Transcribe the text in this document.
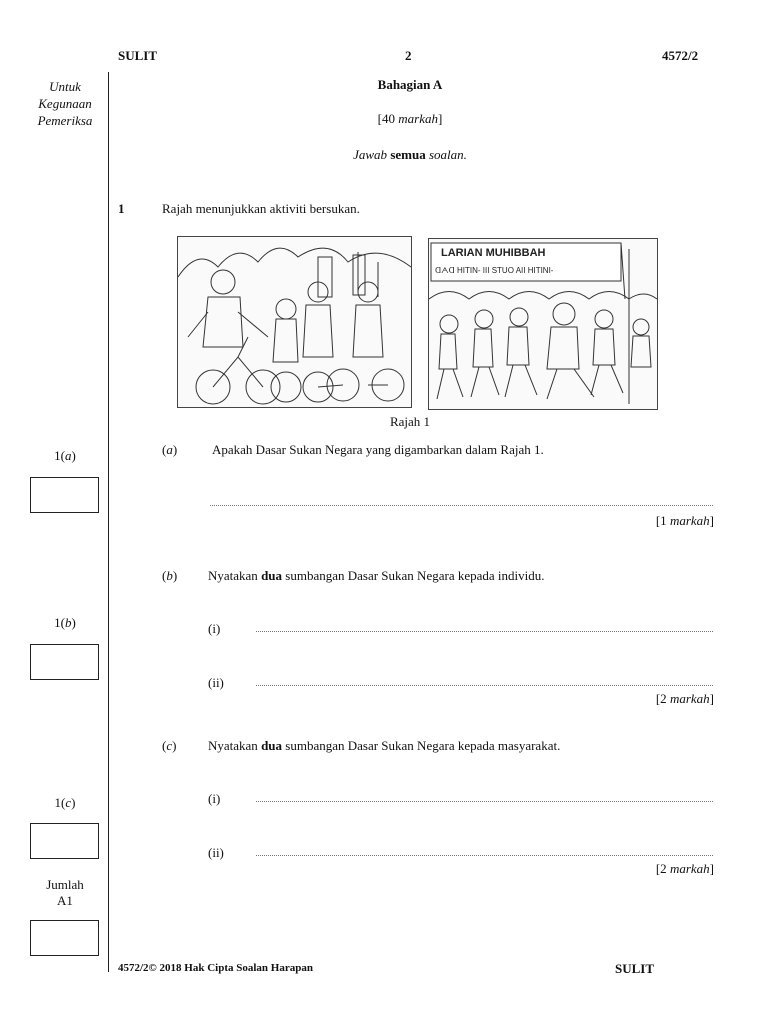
SULIT	2	4572/2
Untuk
Kegunaan
Pemeriksa
1(a)
1(b)
1(c)
Jumlah
A1
Bahagian A
[40 markah]
Jawab semua soalan.
1	Rajah menunjukkan aktiviti bersukan.
LARIAN MUHIBBAH
ᗡᗅᗡ HITIN- III STUO AII HITINI-
Rajah 1
(a)	Apakah Dasar Sukan Negara yang digambarkan dalam Rajah 1.
[1 markah]
(b) Nyatakan dua sumbangan Dasar Sukan Negara kepada individu.
(i)
(ii)
[2 markah]
(c) Nyatakan dua sumbangan Dasar Sukan Negara kepada masyarakat.
(i)
(ii)
[2 markah]
4572/2© 2018 Hak Cipta Soalan Harapan	SULIT
